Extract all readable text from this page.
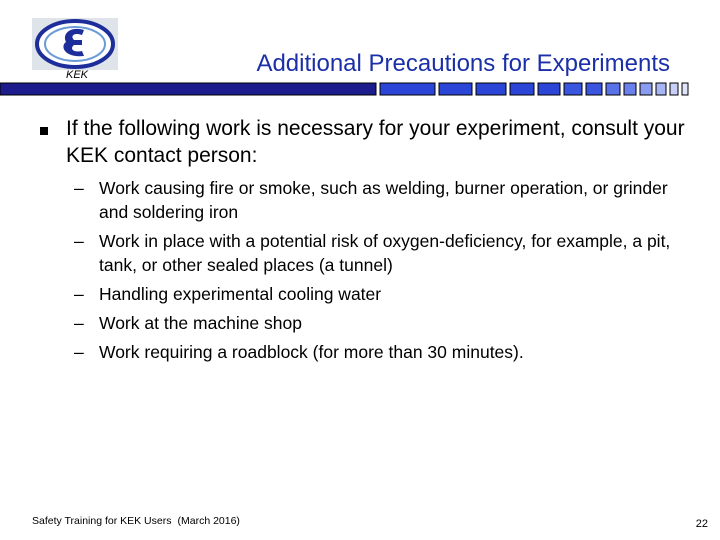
KEK	Additional Precautions for Experiments
If the following work is necessary for your experiment, consult your KEK contact person:
– Work causing fire or smoke, such as welding, burner operation, or grinder and soldering iron
– Work in place with a potential risk of oxygen-deficiency, for example, a pit, tank, or other sealed places (a tunnel)
– Handling experimental cooling water
– Work at the machine shop
– Work requiring a roadblock (for more than 30 minutes).
Safety Training for KEK Users (March 2016)	22
